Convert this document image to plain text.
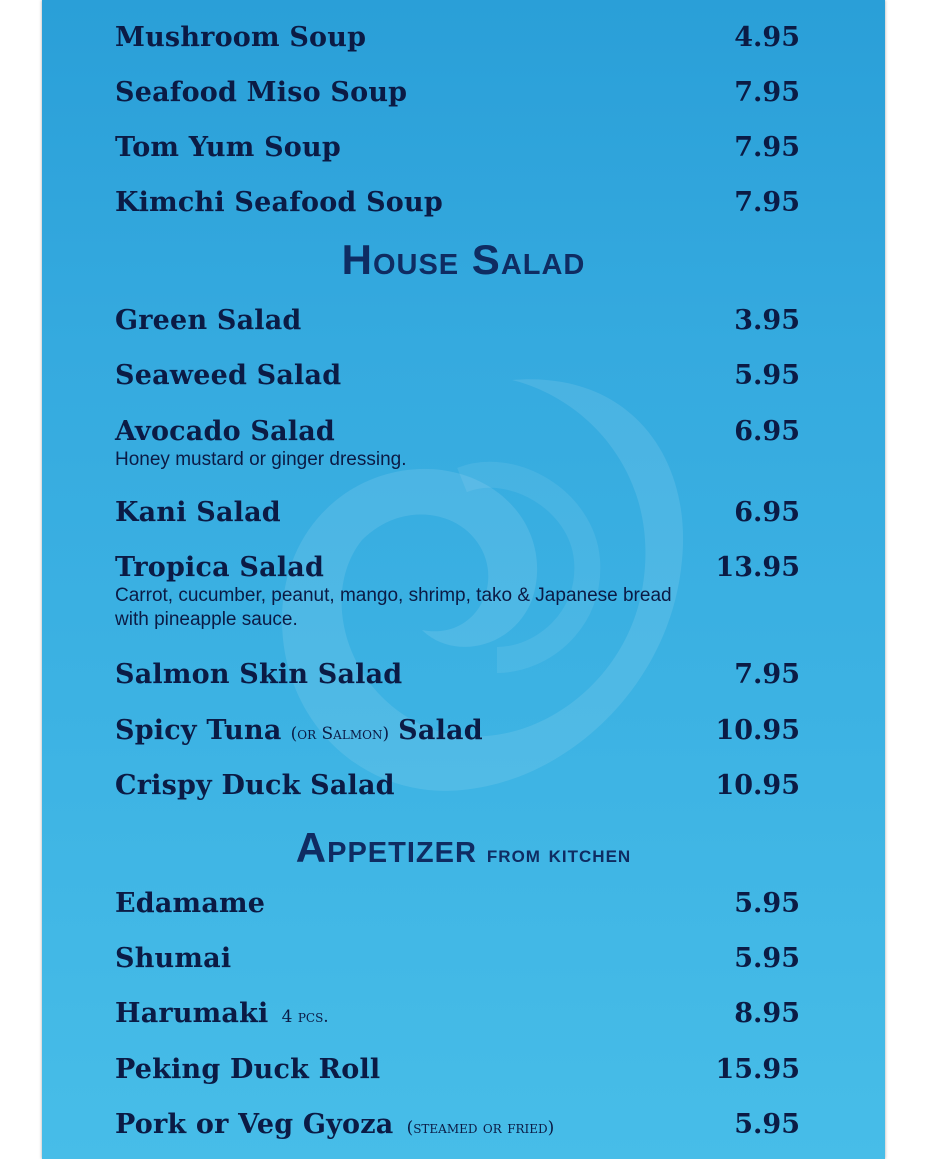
Mushroom Soup	4.95
Seafood Miso Soup	7.95
Tom Yum Soup	7.95
Kimchi Seafood Soup	7.95
House Salad
Green Salad	3.95
Seaweed Salad	5.95
Avocado Salad	6.95
Honey mustard or ginger dressing.
Kani Salad	6.95
Tropica Salad	13.95
Carrot, cucumber, peanut, mango, shrimp, tako & Japanese bread
with pineapple sauce.
Salmon Skin Salad	7.95
Spicy Tuna (or Salmon) Salad	10.95
Crispy Duck Salad	10.95
Appetizer from kitchen
Edamame	5.95
Shumai	5.95
Harumaki 4 pcs.	8.95
Peking Duck Roll	15.95
Pork or Veg Gyoza (steamed or fried)	5.95
